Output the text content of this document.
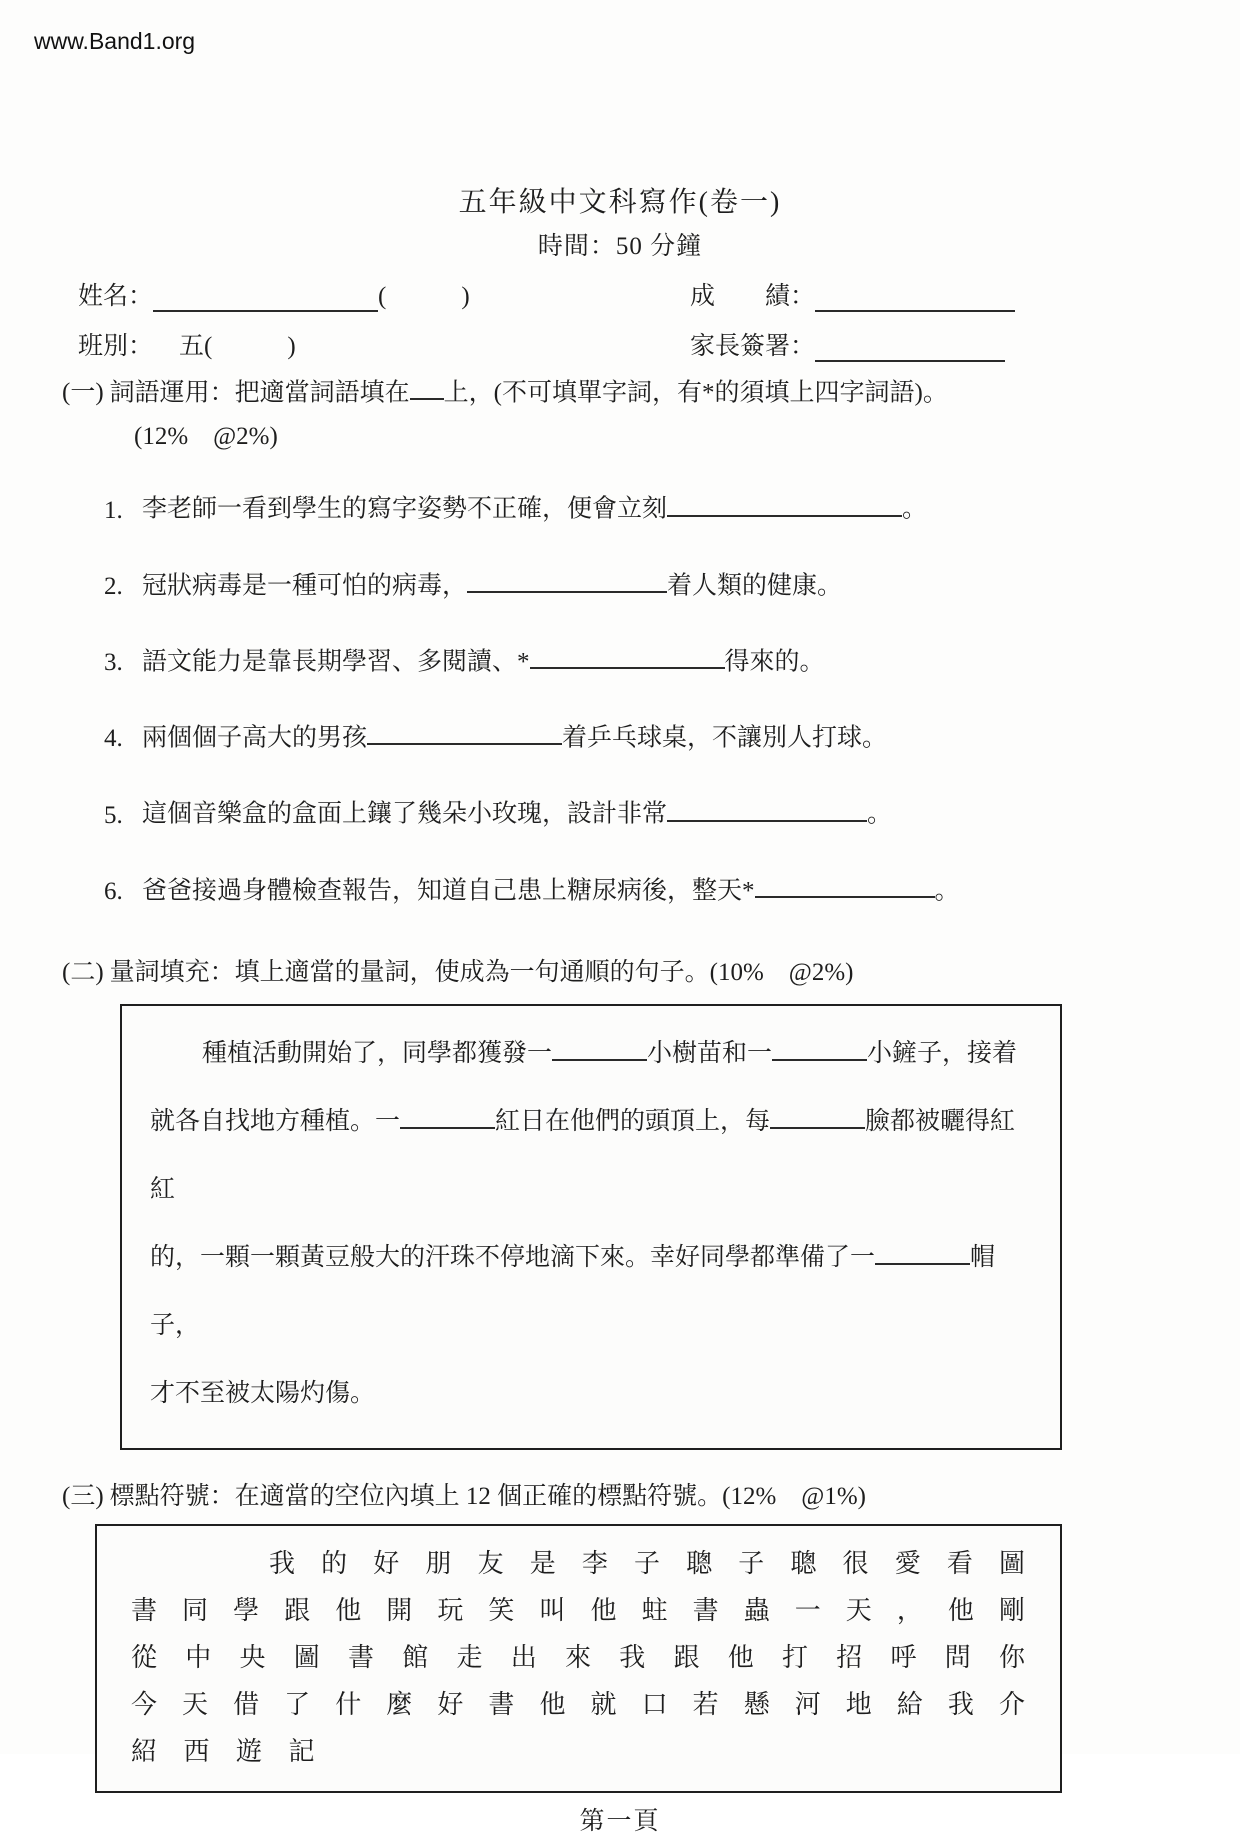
www.Band1.org
五年級中文科寫作(卷一)
時間：50 分鐘
姓名：	(　　　)	成　　績：
班別： 五(　　　)	家長簽署：
(一) 詞語運用：把適當詞語填在 上，(不可填單字詞，有*的須填上四字詞語)。
(12%　@2%)
1. 李老師一看到學生的寫字姿勢不正確，便會立刻	。
2. 冠狀病毒是一種可怕的病毒，	着人類的健康。
3. 語文能力是靠長期學習、多閱讀、*	得來的。
4. 兩個個子高大的男孩	着乒乓球桌，不讓別人打球。
5. 這個音樂盒的盒面上鑲了幾朵小玫瑰，設計非常	。
6. 爸爸接過身體檢查報告，知道自己患上糖尿病後，整天*	。
(二) 量詞填充：填上適當的量詞，使成為一句通順的句子。(10%　@2%)
種植活動開始了，同學都獲發一	小樹苗和一	小鏟子，接着
就各自找地方種植。一	紅日在他們的頭頂上，每	臉都被曬得紅紅
的，一顆一顆黃豆般大的汗珠不停地滴下來。幸好同學都準備了一	帽子，
才不至被太陽灼傷。
(三) 標點符號：在適當的空位內填上 12 個正確的標點符號。(12%　@1%)
我 的 好 朋 友 是 李 子 聰 子 聰 很 愛 看 圖
書 同 學 跟 他 開 玩 笑 叫 他 蛀 書 蟲 一 天 ， 他 剛
從 中 央 圖 書 館 走 出 來 我 跟 他 打 招 呼 問 你
今 天 借 了 什 麼 好 書 他 就 口 若 懸 河 地 給 我 介
紹 西 遊 記
第一頁
